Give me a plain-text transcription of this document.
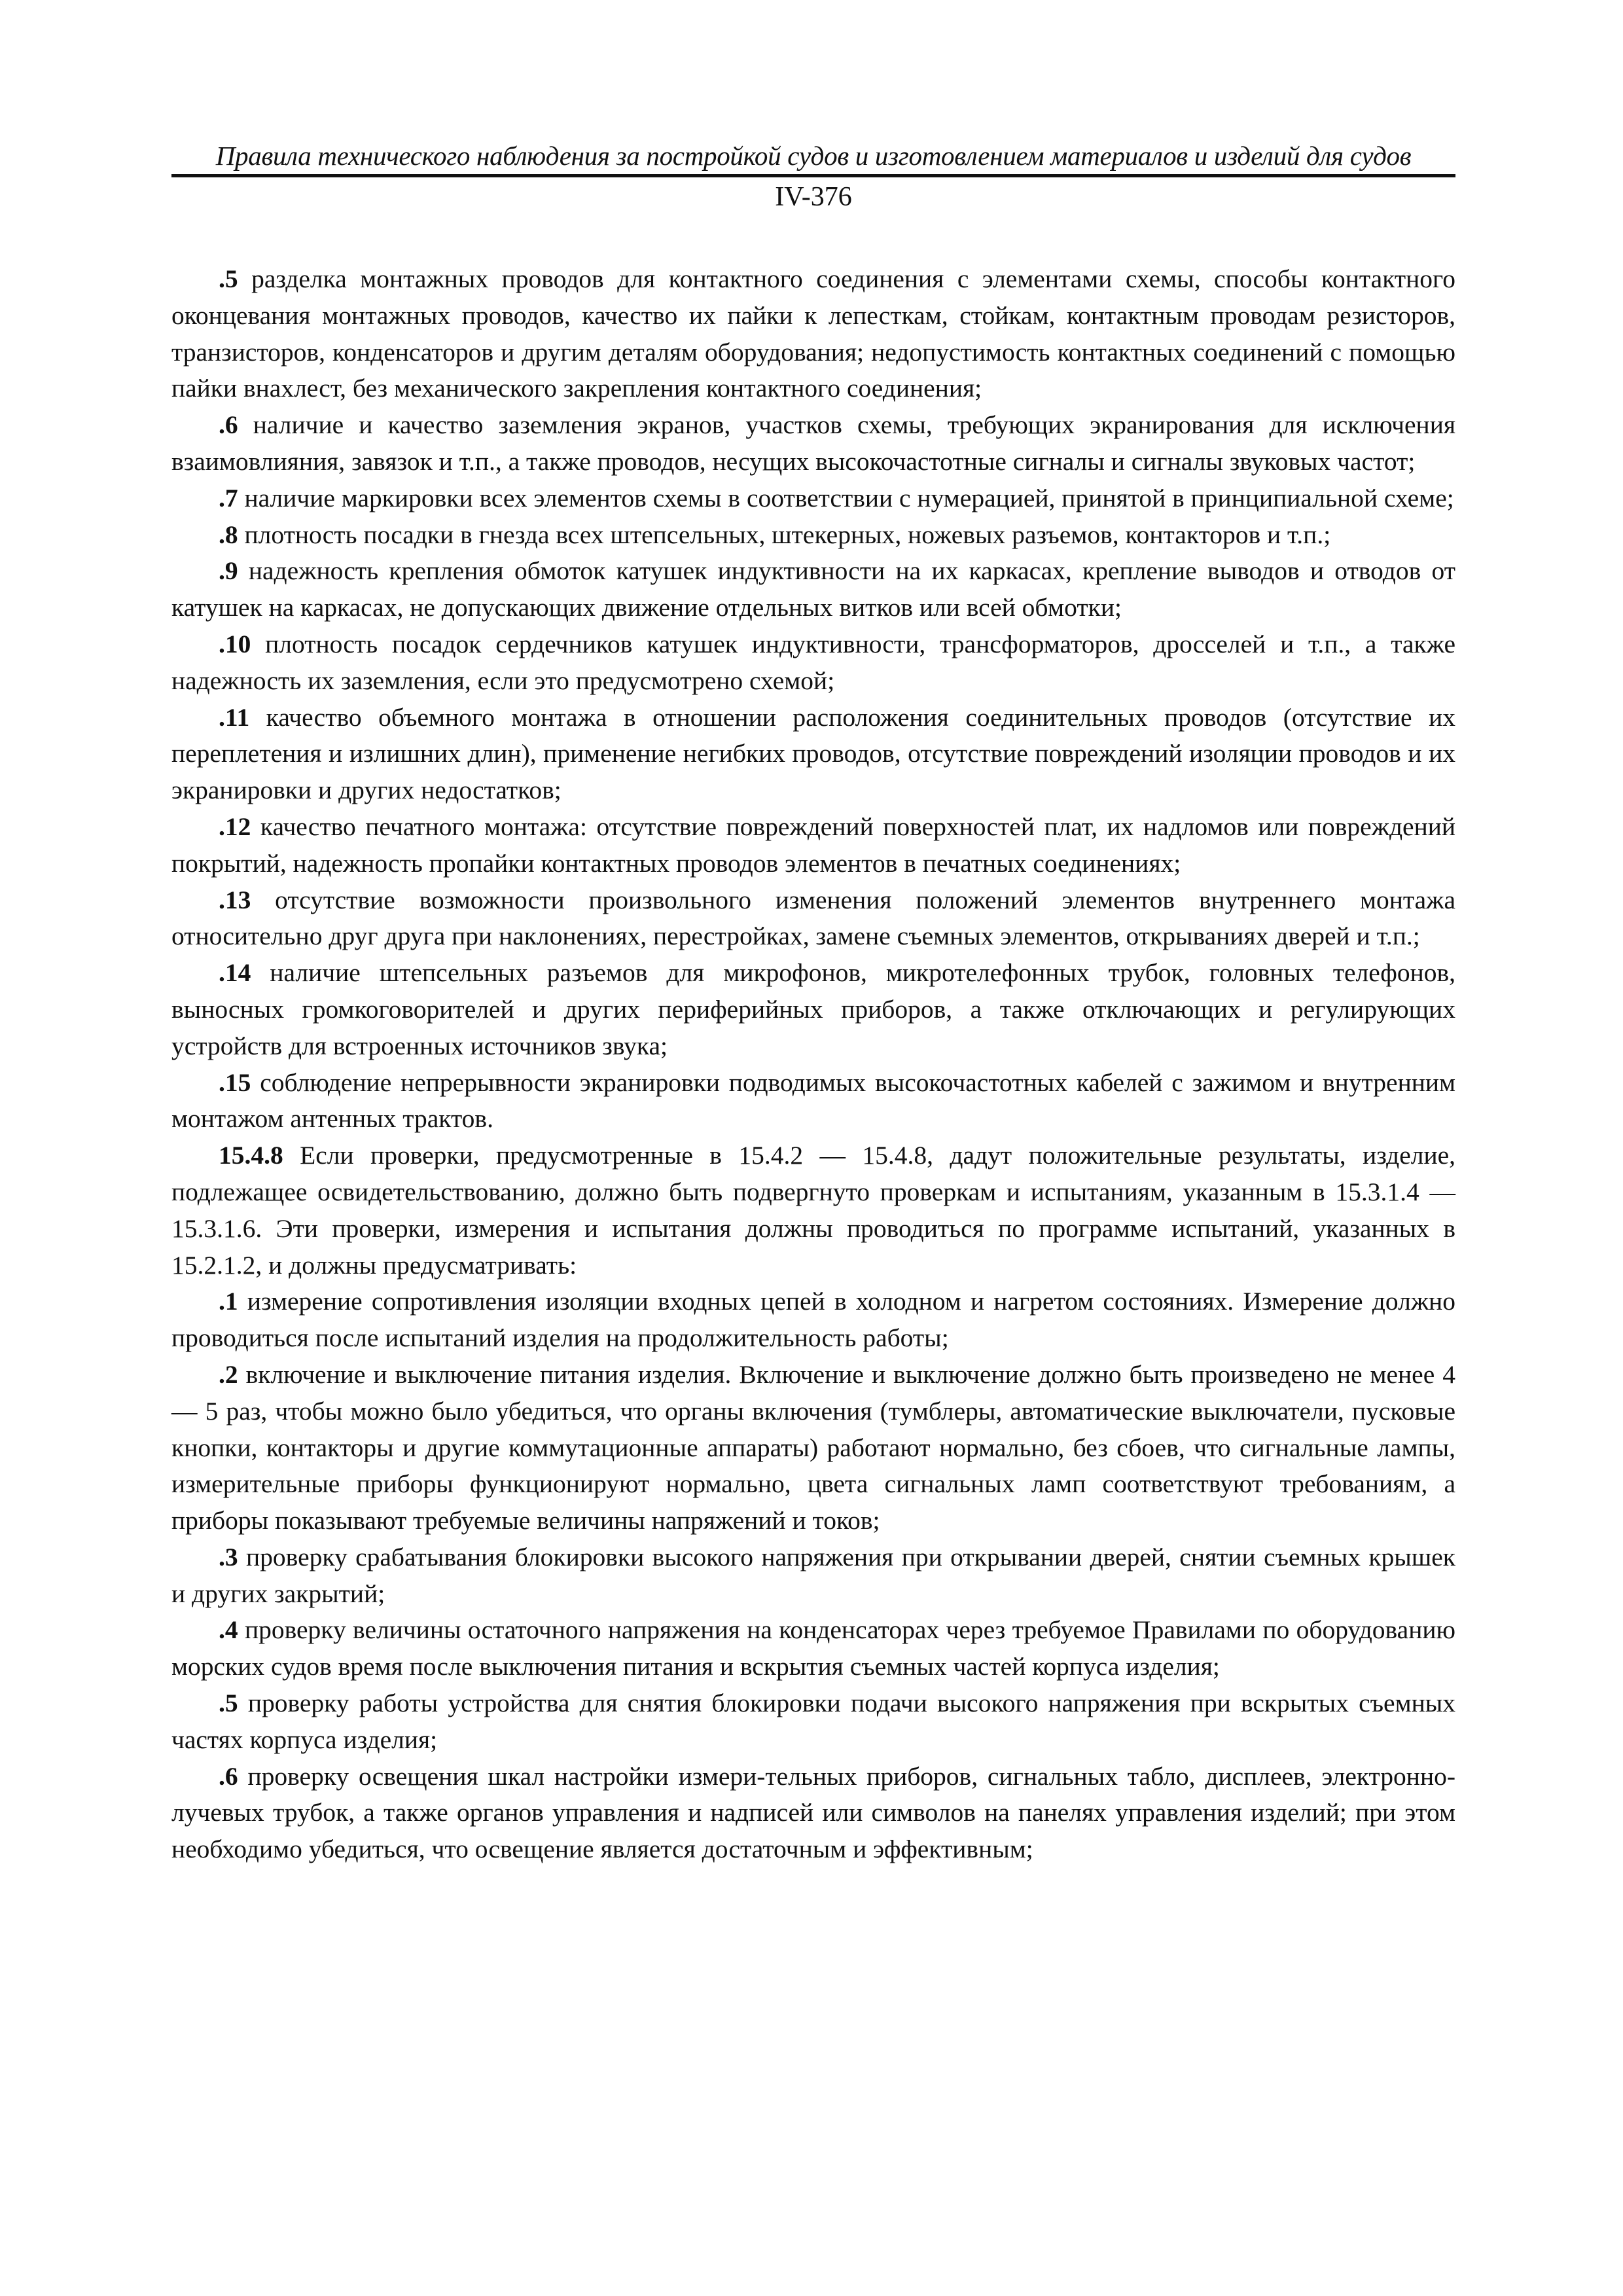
Правила технического наблюдения за постройкой судов и изготовлением материалов и изделий для судов
IV-376

.5 разделка монтажных проводов для контактного соединения с элементами схемы, способы контактного оконцевания монтажных проводов, качество их пайки к лепесткам, стойкам, контактным проводам резисторов, транзисторов, конденсаторов и другим деталям оборудования; недопустимость контактных соединений с помощью пайки внахлест, без механического закрепления контактного соединения;

.6 наличие и качество заземления экранов, участков схемы, требующих экранирования для исключения взаимовлияния, завязок и т.п., а также проводов, несущих высокочастотные сигналы и сигналы звуковых частот;

.7 наличие маркировки всех элементов схемы в соответствии с нумерацией, принятой в принципиальной схеме;

.8 плотность посадки в гнезда всех штепсельных, штекерных, ножевых разъемов, контакторов и т.п.;

.9 надежность крепления обмоток катушек индуктивности на их каркасах, крепление выводов и отводов от катушек на каркасах, не допускающих движение отдельных витков или всей обмотки;

.10 плотность посадок сердечников катушек индуктивности, трансформаторов, дросселей и т.п., а также надежность их заземления, если это предусмотрено схемой;

.11 качество объемного монтажа в отношении расположения соединительных проводов (отсутствие их переплетения и излишних длин), применение негибких проводов, отсутствие повреждений изоляции проводов и их экранировки и других недостатков;

.12 качество печатного монтажа: отсутствие повреждений поверхностей плат, их надломов или повреждений покрытий, надежность пропайки контактных проводов элементов в печатных соединениях;

.13 отсутствие возможности произвольного изменения положений элементов внутреннего монтажа относительно друг друга при наклонениях, перестройках, замене съемных элементов, открываниях дверей и т.п.;

.14 наличие штепсельных разъемов для микрофонов, микротелефонных трубок, головных телефонов, выносных громкоговорителей и других периферийных приборов, а также отключающих и регулирующих устройств для встроенных источников звука;

.15 соблюдение непрерывности экранировки подводимых высокочастотных кабелей с зажимом и внутренним монтажом антенных трактов.

15.4.8 Если проверки, предусмотренные в 15.4.2 — 15.4.8, дадут положительные результаты, изделие, подлежащее освидетельствованию, должно быть подвергнуто проверкам и испытаниям, указанным в 15.3.1.4 —15.3.1.6. Эти проверки, измерения и испытания должны проводиться по программе испытаний, указанных в 15.2.1.2, и должны предусматривать:

.1 измерение сопротивления изоляции входных цепей в холодном и нагретом состояниях. Измерение должно проводиться после испытаний изделия на продолжительность работы;

.2 включение и выключение питания изделия. Включение и выключение должно быть произведено не менее 4 — 5 раз, чтобы можно было убедиться, что органы включения (тумблеры, автоматические выключатели, пусковые кнопки, контакторы и другие коммутационные аппараты) работают нормально, без сбоев, что сигнальные лампы, измерительные приборы функционируют нормально, цвета сигнальных ламп соответствуют требованиям, а приборы показывают требуемые величины напряжений и токов;

.3 проверку срабатывания блокировки высокого напряжения при открывании дверей, снятии съемных крышек и других закрытий;

.4 проверку величины остаточного напряжения на конденсаторах через требуемое Правилами по оборудованию морских судов время после выключения питания и вскрытия съемных частей корпуса изделия;

.5 проверку работы устройства для снятия блокировки подачи высокого напряжения при вскрытых съемных частях корпуса изделия;

.6 проверку освещения шкал настройки измери-тельных приборов, сигнальных табло, дисплеев, электронно-лучевых трубок, а также органов управления и надписей или символов на панелях управления изделий; при этом необходимо убедиться, что освещение является достаточным и эффективным;
